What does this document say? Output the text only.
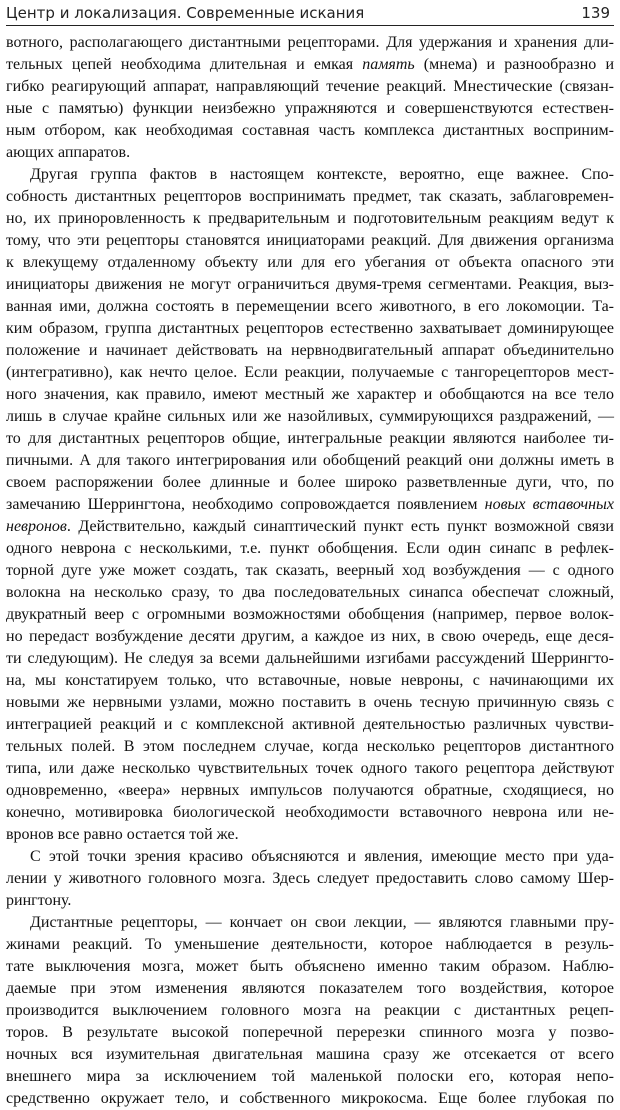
Центр и локализация. Современные искания	139

вотного, располагающего дистантными рецепторами. Для удержания и хранения дли-
тельных цепей необходима длительная и емкая память (мнема) и разнообразно и
гибко реагирующий аппарат, направляющий течение реакций. Мнестические (связан-
ные с памятью) функции неизбежно упражняются и совершенствуются естествен-
ным отбором, как необходимая составная часть комплекса дистантных восприним-
ающих аппаратов.

Другая группа фактов в настоящем контексте, вероятно, еще важнее. Спо-
собность дистантных рецепторов воспринимать предмет, так сказать, заблаговремен-
но, их приноровленность к предварительным и подготовительным реакциям ведут к
тому, что эти рецепторы становятся инициаторами реакций. Для движения организма
к влекущему отдаленному объекту или для его убегания от объекта опасного эти
инициаторы движения не могут ограничиться двумя-тремя сегментами. Реакция, выз-
ванная ими, должна состоять в перемещении всего животного, в его локомоции. Та-
ким образом, группа дистантных рецепторов естественно захватывает доминирующее
положение и начинает действовать на нервнодвигательный аппарат объединительно
(интегративно), как нечто целое. Если реакции, получаемые с тангорецепторов мест-
ного значения, как правило, имеют местный же характер и обобщаются на все тело
лишь в случае крайне сильных или же назойливых, суммирующихся раздражений, —
то для дистантных рецепторов общие, интегральные реакции являются наиболее ти-
пичными. А для такого интегрирования или обобщений реакций они должны иметь в
своем распоряжении более длинные и более широко разветвленные дуги, что, по
замечанию Шеррингтона, необходимо сопровождается появлением новых вставочных
невронов. Действительно, каждый синаптический пункт есть пункт возможной связи
одного неврона с несколькими, т.е. пункт обобщения. Если один синапс в рефлек-
торной дуге уже может создать, так сказать, веерный ход возбуждения — с одного
волокна на несколько сразу, то два последовательных синапса обеспечат сложный,
двукратный веер с огромными возможностями обобщения (например, первое волок-
но передаст возбуждение десяти другим, а каждое из них, в свою очередь, еще деся-
ти следующим). Не следуя за всеми дальнейшими изгибами рассуждений Шеррингто-
на, мы констатируем только, что вставочные, новые невроны, с начинающими их
новыми же нервными узлами, можно поставить в очень тесную причинную связь с
интеграцией реакций и с комплексной активной деятельностью различных чувстви-
тельных полей. В этом последнем случае, когда несколько рецепторов дистантного
типа, или даже несколько чувствительных точек одного такого рецептора действуют
одновременно, «веера» нервных импульсов получаются обратные, сходящиеся, но
конечно, мотивировка биологической необходимости вставочного неврона или не-
вронов все равно остается той же.

С этой точки зрения красиво объясняются и явления, имеющие место при уда-
лении у животного головного мозга. Здесь следует предоставить слово самому Шер-
рингтону.

Дистантные рецепторы, — кончает он свои лекции, — являются главными пру-
жинами реакций. То уменьшение деятельности, которое наблюдается в резуль-
тате выключения мозга, может быть объяснено именно таким образом. Наблю-
даемые при этом изменения являются показателем того воздействия, которое
производится выключением головного мозга на реакции с дистантных рецеп-
торов. В результате высокой поперечной перерезки спинного мозга у позво-
ночных вся изумительная двигательная машина сразу же отсекается от всего
внешнего мира за исключением той маленькой полоски его, которая непо-
средственно окружает тело, и собственного микрокосма. Еще более глубокая по
